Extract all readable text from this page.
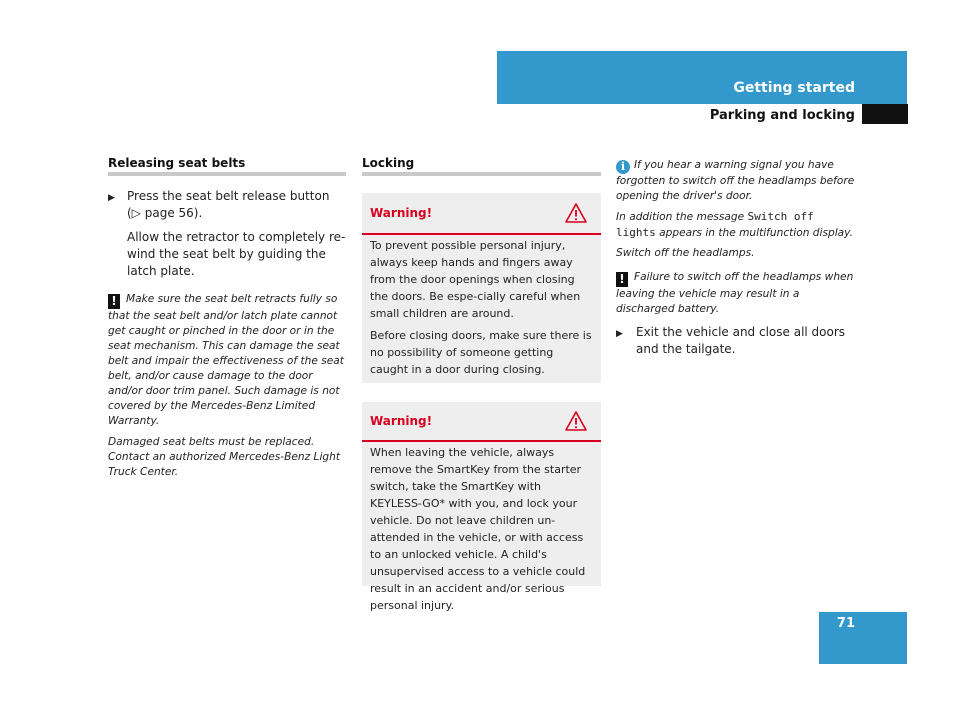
Getting started
Parking and locking
Releasing seat belts
▶	Press the seat belt release button
(▷ page 56).
Allow the retractor to completely re-wind the seat belt by guiding the latch plate.
! Make sure the seat belt retracts fully so that the seat belt and/or latch plate cannot get caught or pinched in the door or in the seat mechanism. This can damage the seat belt and impair the effectiveness of the seat belt, and/or cause damage to the door and/or door trim panel. Such damage is not covered by the Mercedes-Benz Limited Warranty.
Damaged seat belts must be replaced. Contact an authorized Mercedes-Benz Light Truck Center.
Locking
Warning!
To prevent possible personal injury, always keep hands and fingers away from the door openings when closing the doors. Be espe-cially careful when small children are around.
Before closing doors, make sure there is no possibility of someone getting caught in a door during closing.
Warning!
When leaving the vehicle, always remove the SmartKey from the starter switch, take the SmartKey with KEYLESS-GO* with you, and lock your vehicle. Do not leave children un-attended in the vehicle, or with access to an unlocked vehicle. A child's unsupervised access to a vehicle could result in an accident and/or serious personal injury.
i If you hear a warning signal you have forgotten to switch off the headlamps before opening the driver's door.
In addition the message Switch off lights appears in the multifunction display.
Switch off the headlamps.
! Failure to switch off the headlamps when leaving the vehicle may result in a discharged battery.
▶	Exit the vehicle and close all doors and the tailgate.
71
